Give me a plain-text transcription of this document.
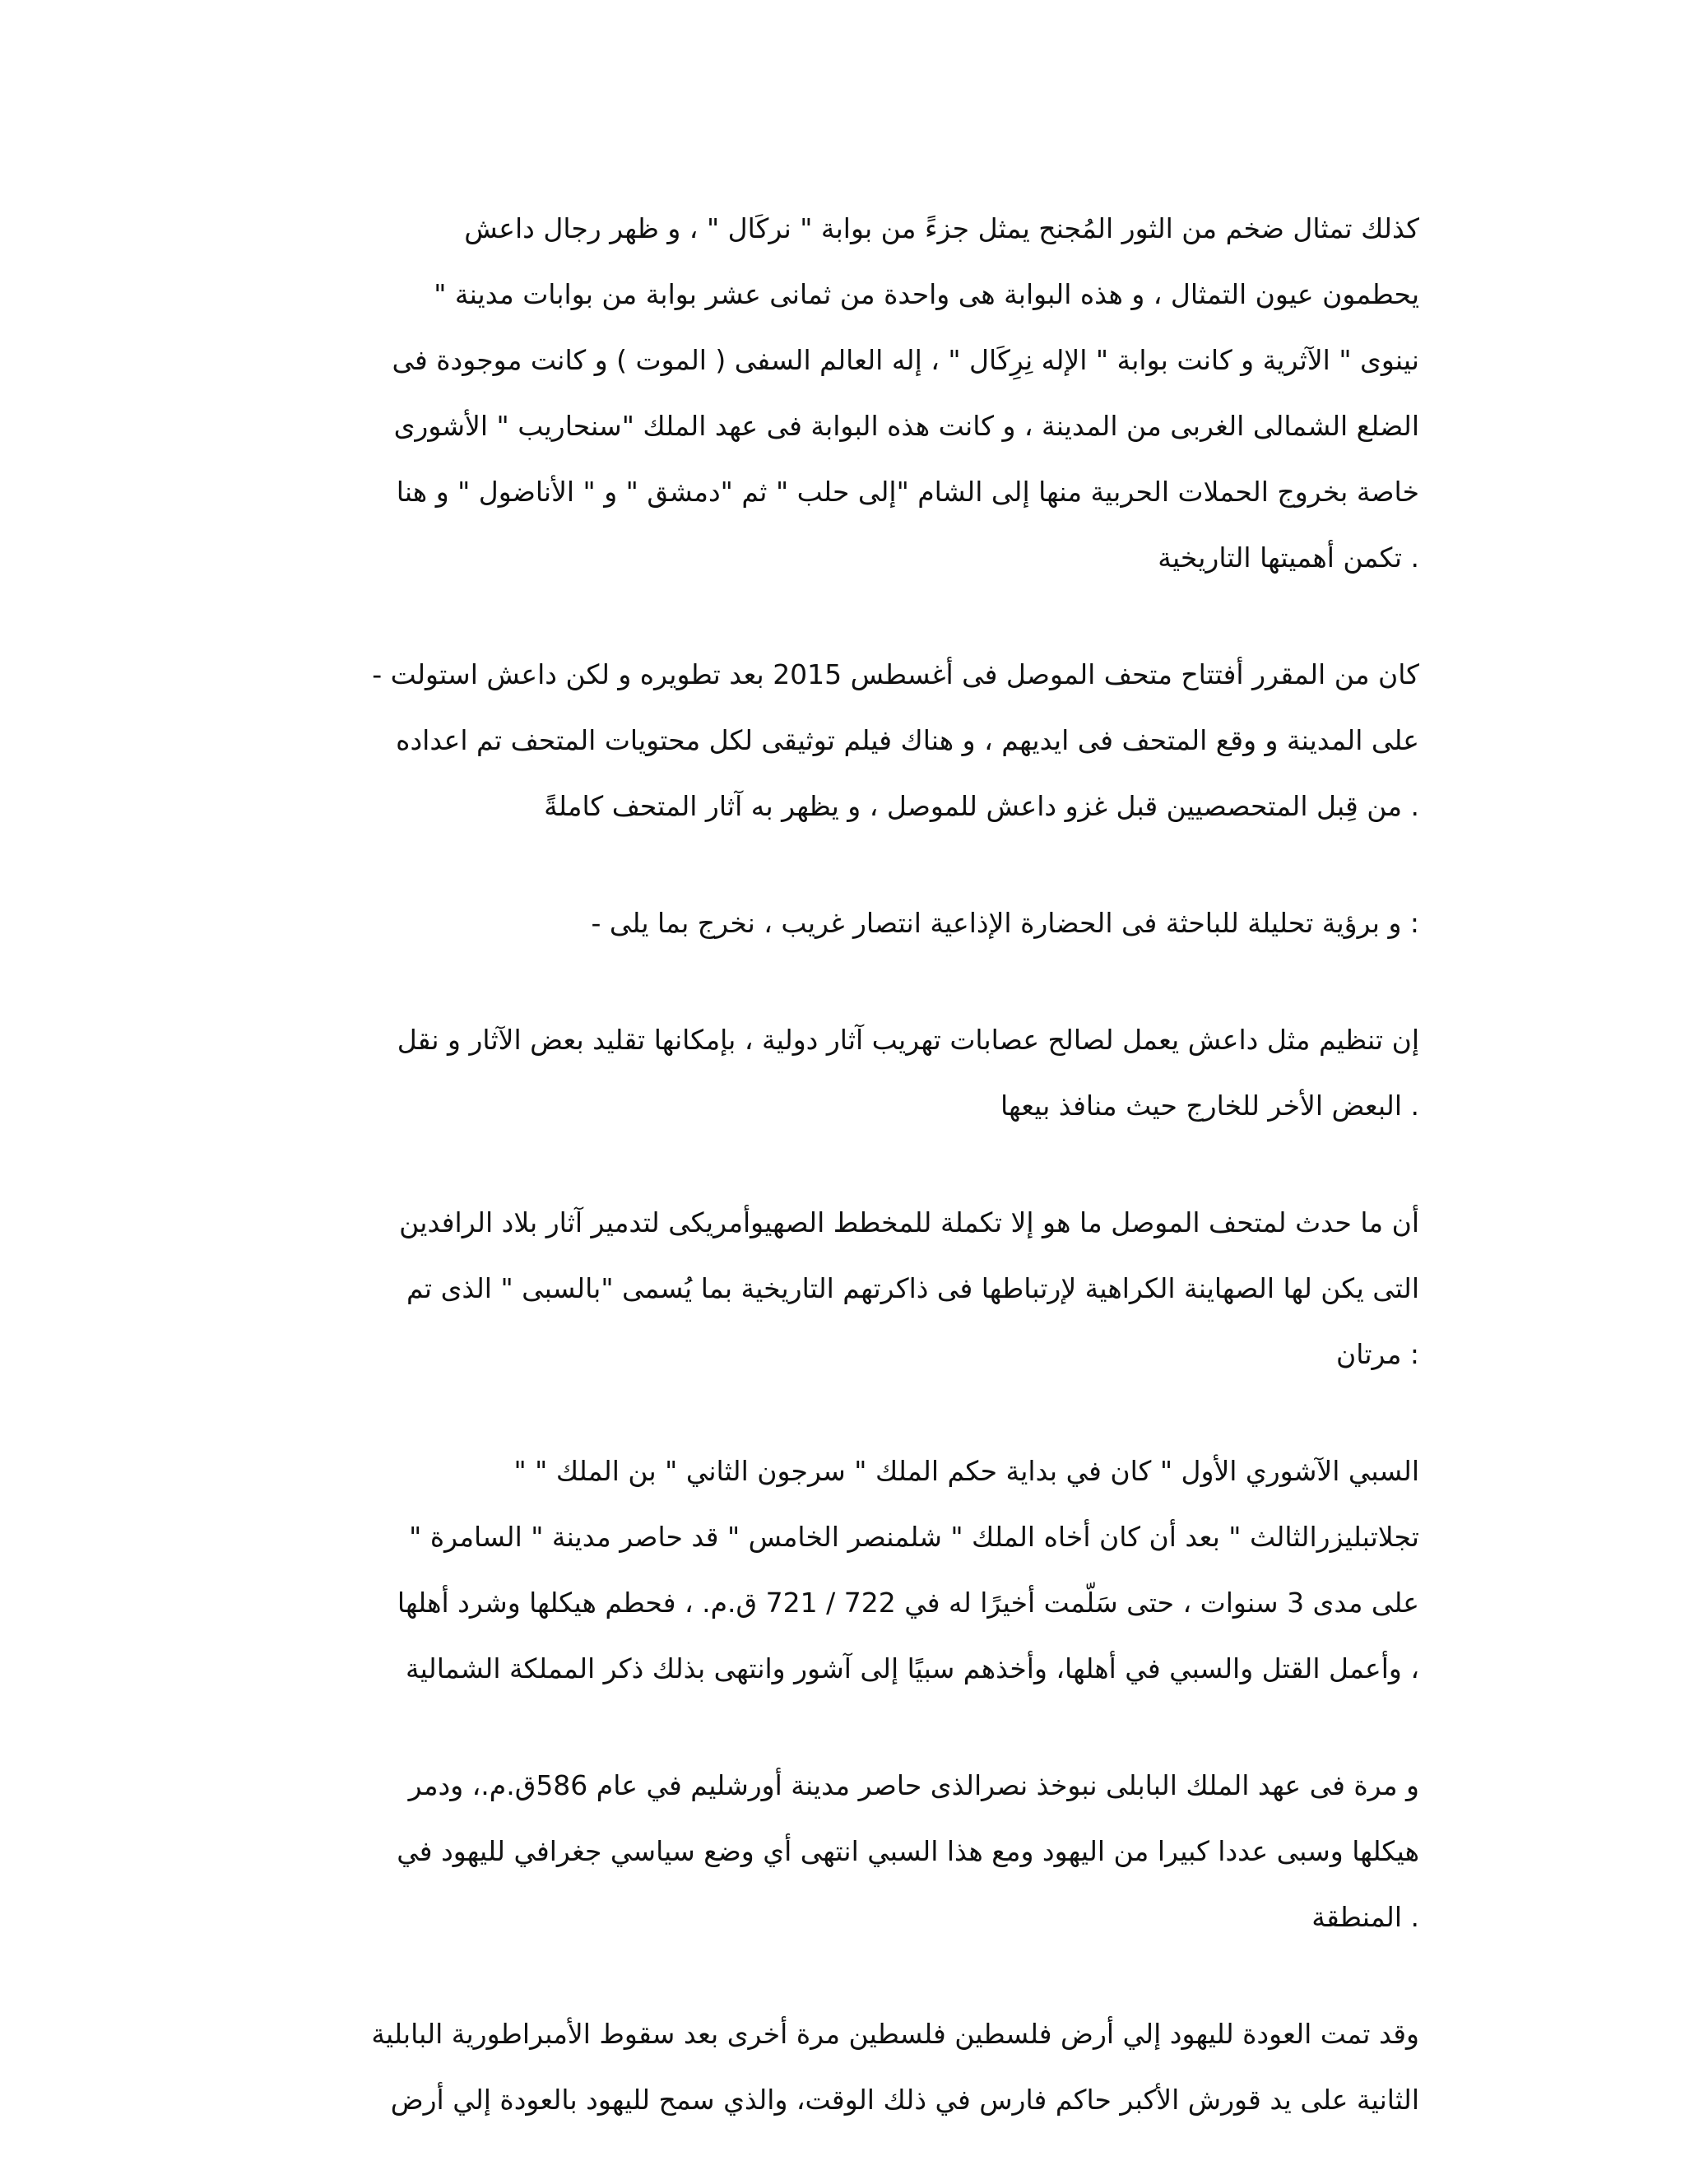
كذلك تمثال ضخم من الثور المُجنح يمثل جزءً من بوابة " نركَال " ، و ظهر رجال داعش
يحطمون عيون التمثال ، و هذه البوابة هى واحدة من ثمانى عشر بوابة من بوابات مدينة "
نينوى " الآثرية و كانت بوابة " الإله نِرِكَال " ، إله العالم السفى ( الموت ) و كانت موجودة فى
الضلع الشمالى الغربى من المدينة ، و كانت هذه البوابة فى عهد الملك "سنحاريب " الأشورى
خاصة بخروج الحملات الحربية منها إلى الشام "إلى حلب " ثم "دمشق " و " الأناضول " و هنا
. تكمن أهميتها التاريخية
كان من المقرر أفتتاح متحف الموصل فى أغسطس 2015 بعد تطويره و لكن داعش استولت -
على المدينة و وقع المتحف فى ايديهم ، و هناك فيلم توثيقى لكل محتويات المتحف تم اعداده
. من قِبل المتحصصيين قبل غزو داعش للموصل ، و يظهر به آثار المتحف كاملةً
: و برؤية تحليلة للباحثة فى الحضارة الإذاعية انتصار غريب ، نخرج بما يلى -
إن تنظيم مثل داعش يعمل لصالح عصابات تهريب آثار دولية ، بإمكانها تقليد بعض الآثار و نقل
. البعض الأخر للخارج حيث منافذ بيعها
أن ما حدث لمتحف الموصل ما هو إلا تكملة للمخطط الصهيوأمريكى لتدمير آثار بلاد الرافدين
التى يكن لها الصهاينة الكراهية لإرتباطها فى ذاكرتهم التاريخية بما يُسمى "بالسبى " الذى تم
: مرتان
السبي الآشوري الأول " كان في بداية حكم الملك " سرجون الثاني " بن الملك " "
تجلاتبليزرالثالث " بعد أن كان أخاه الملك " شلمنصر الخامس " قد حاصر مدينة " السامرة "
على مدى 3 سنوات ، حتى سَلّمت أخيرًا له في 722 / 721 ق.م. ، فحطم هيكلها وشرد أهلها
، وأعمل القتل والسبي في أهلها، وأخذهم سبيًا إلى آشور وانتهى بذلك ذكر المملكة الشمالية
و مرة فى عهد الملك البابلى نبوخذ نصرالذى حاصر مدينة أورشليم في عام 586ق.م.، ودمر
هيكلها وسبى عددا كبيرا من اليهود ومع هذا السبي انتهى أي وضع سياسي جغرافي لليهود في
. المنطقة
وقد تمت العودة لليهود إلي أرض فلسطين فلسطين مرة أخرى بعد سقوط الأمبراطورية البابلية
الثانية على يد قورش الأكبر حاكم فارس في ذلك الوقت، والذي سمح لليهود بالعودة إلي أرض
